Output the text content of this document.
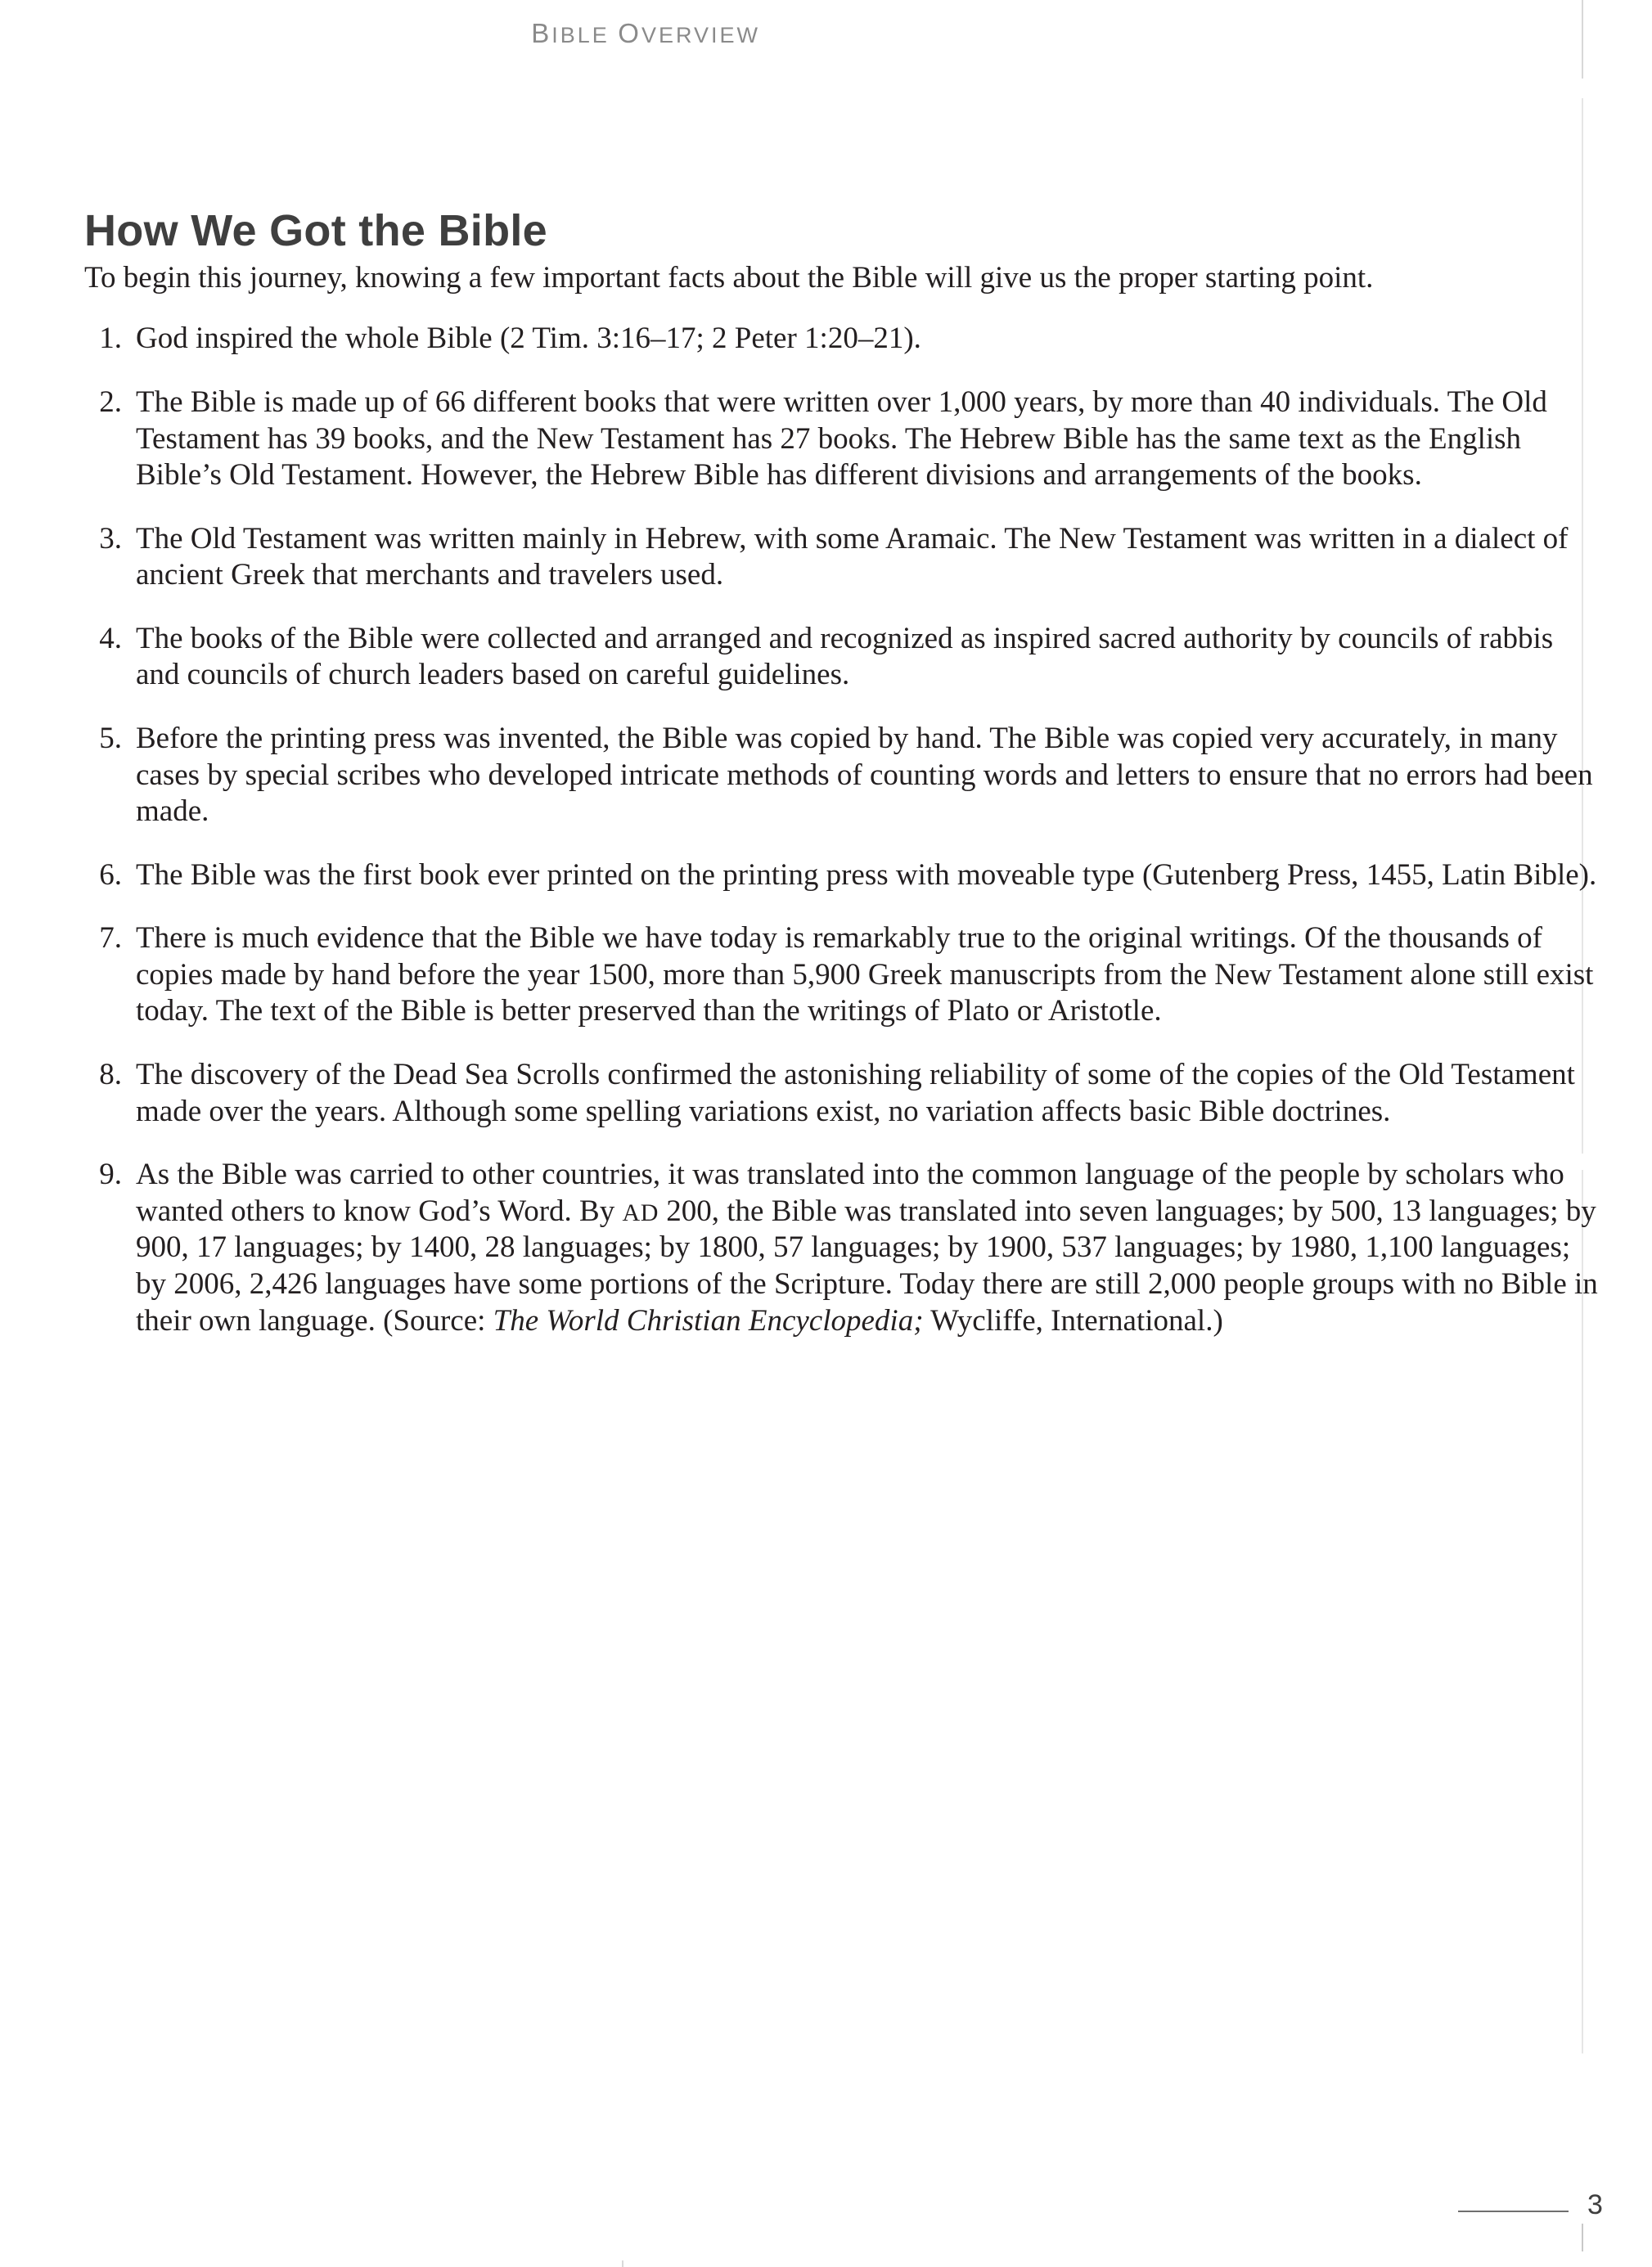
BIBLE OVERVIEW
How We Got the Bible

To begin this journey, knowing a few important facts about the Bible will give us the proper starting point.

1. God inspired the whole Bible (2 Tim. 3:16–17; 2 Peter 1:20–21).
2. The Bible is made up of 66 different books that were written over 1,000 years, by more than 40 individuals. The Old Testament has 39 books, and the New Testament has 27 books. The Hebrew Bible has the same text as the English Bible’s Old Testament. However, the Hebrew Bible has different divisions and arrangements of the books.
3. The Old Testament was written mainly in Hebrew, with some Aramaic. The New Testament was written in a dialect of ancient Greek that merchants and travelers used.
4. The books of the Bible were collected and arranged and recognized as inspired sacred authority by councils of rabbis and councils of church leaders based on careful guidelines.
5. Before the printing press was invented, the Bible was copied by hand. The Bible was copied very accurately, in many cases by special scribes who developed intricate methods of counting words and letters to ensure that no errors had been made.
6. The Bible was the first book ever printed on the printing press with moveable type (Gutenberg Press, 1455, Latin Bible).
7. There is much evidence that the Bible we have today is remarkably true to the original writings. Of the thousands of copies made by hand before the year 1500, more than 5,900 Greek manuscripts from the New Testament alone still exist today. The text of the Bible is better preserved than the writings of Plato or Aristotle.
8. The discovery of the Dead Sea Scrolls confirmed the astonishing reliability of some of the copies of the Old Testament made over the years. Although some spelling variations exist, no variation affects basic Bible doctrines.
9. As the Bible was carried to other countries, it was translated into the common language of the people by scholars who wanted others to know God’s Word. By AD 200, the Bible was translated into seven languages; by 500, 13 languages; by 900, 17 languages; by 1400, 28 languages; by 1800, 57 languages; by 1900, 537 languages; by 1980, 1,100 languages; by 2006, 2,426 languages have some portions of the Scripture. Today there are still 2,000 people groups with no Bible in their own language. (Source: The World Christian Encyclopedia; Wycliffe, International.)
3
